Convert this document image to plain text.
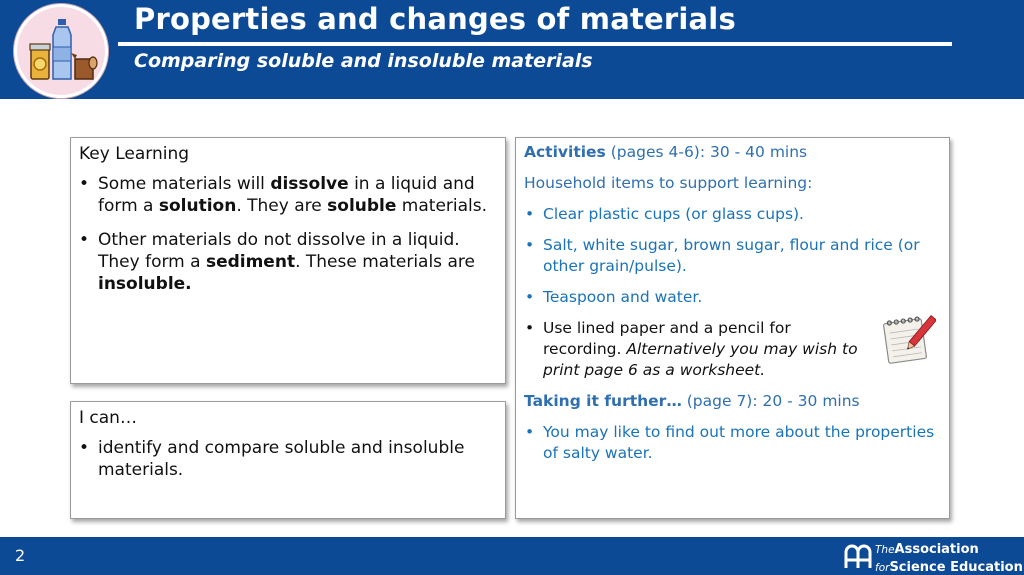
Properties and changes of materials
Comparing soluble and insoluble materials
Key Learning
• Some materials will dissolve in a liquid and form a solution. They are soluble materials.
• Other materials do not dissolve in a liquid. They form a sediment. These materials are insoluble.
I can…
• identify and compare soluble and insoluble materials.
Activities (pages 4-6): 30 - 40 mins
Household items to support learning:
• Clear plastic cups (or glass cups).
• Salt, white sugar, brown sugar, flour and rice (or other grain/pulse).
• Teaspoon and water.
• Use lined paper and a pencil for recording. Alternatively you may wish to print page 6 as a worksheet.
Taking it further… (page 7): 20 - 30 mins
• You may like to find out more about the properties of salty water.
2	TheAssociation
forScience Education
